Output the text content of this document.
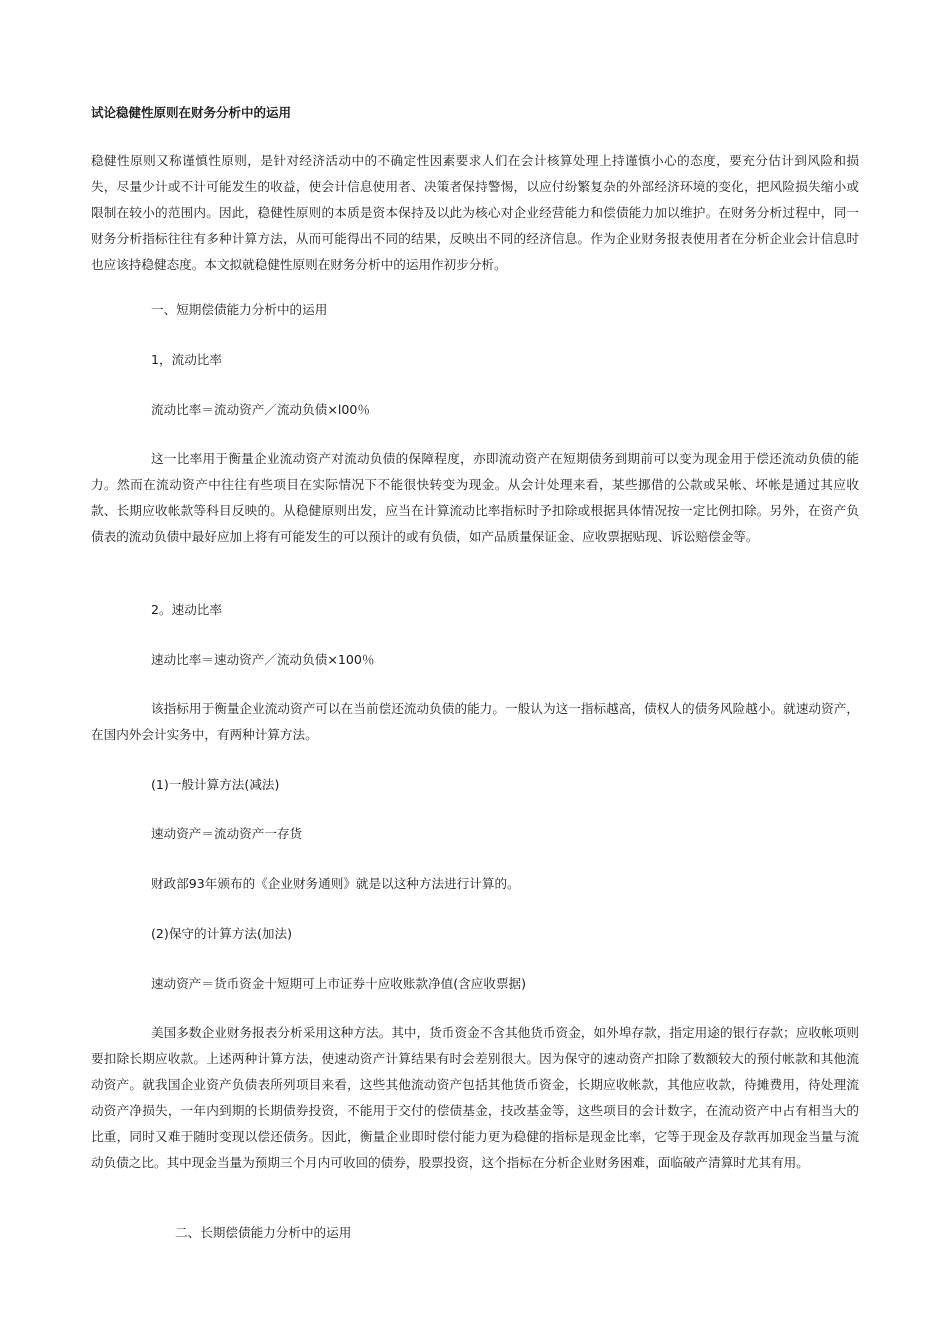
试论稳健性原则在财务分析中的运用

稳健性原则又称谨慎性原则，是针对经济活动中的不确定性因素要求人们在会计核算处理上持谨慎小心的态度，要充分估计到风险和损失，尽量少计或不计可能发生的收益，使会计信息使用者、决策者保持警惕，以应付纷繁复杂的外部经济环境的变化，把风险损失缩小或限制在较小的范围内。因此，稳健性原则的本质是资本保持及以此为核心对企业经营能力和偿债能力加以维护。在财务分析过程中，同一财务分析指标往往有多种计算方法，从而可能得出不同的结果，反映出不同的经济信息。作为企业财务报表使用者在分析企业会计信息时也应该持稳健态度。本文拟就稳健性原则在财务分析中的运用作初步分析。

一、短期偿债能力分析中的运用
1，流动比率
流动比率＝流动资产／流动负债×l00％

这一比率用于衡量企业流动资产对流动负债的保障程度，亦即流动资产在短期债务到期前可以变为现金用于偿还流动负债的能力。然而在流动资产中往往有些项目在实际情况下不能很快转变为现金。从会计处理来看，某些挪借的公款或呆帐、坏帐是通过其应收款、长期应收帐款等科目反映的。从稳健原则出发，应当在计算流动比率指标时予扣除或根据具体情况按一定比例扣除。另外，在资产负债表的流动负债中最好应加上将有可能发生的可以预计的或有负债，如产品质量保证金、应收票据贴现、诉讼赔偿金等。

2。速动比率
速动比率＝速动资产／流动负债×100％

该指标用于衡量企业流动资产可以在当前偿还流动负债的能力。一般认为这一指标越高，债权人的债务风险越小。就速动资产，在国内外会计实务中，有两种计算方法。

(1)一般计算方法(减法)
速动资产＝流动资产一存货
财政部93年颁布的《企业财务通则》就是以这种方法进行计算的。
(2)保守的计算方法(加法)
速动资产＝货币资金十短期可上市证券十应收账款净值(含应收票据)

美国多数企业财务报表分析采用这种方法。其中，货币资金不含其他货币资金，如外埠存款，指定用途的银行存款；应收帐项则要扣除长期应收款。上述两种计算方法，使速动资产计算结果有时会差别很大。因为保守的速动资产扣除了数额较大的预付帐款和其他流动资产。就我国企业资产负债表所列项目来看，这些其他流动资产包括其他货币资金，长期应收帐款，其他应收款，待摊费用，待处理流动资产净损失，一年内到期的长期债券投资，不能用于交付的偿债基金，技改基金等，这些项目的会计数字，在流动资产中占有相当大的比重，同时又难于随时变现以偿还债务。因此，衡量企业即时偿付能力更为稳健的指标是现金比率，它等于现金及存款再加现金当量与流动负债之比。其中现金当量为预期三个月内可收回的债券，股票投资，这个指标在分析企业财务困难，面临破产清算时尤其有用。

二、长期偿债能力分析中的运用
